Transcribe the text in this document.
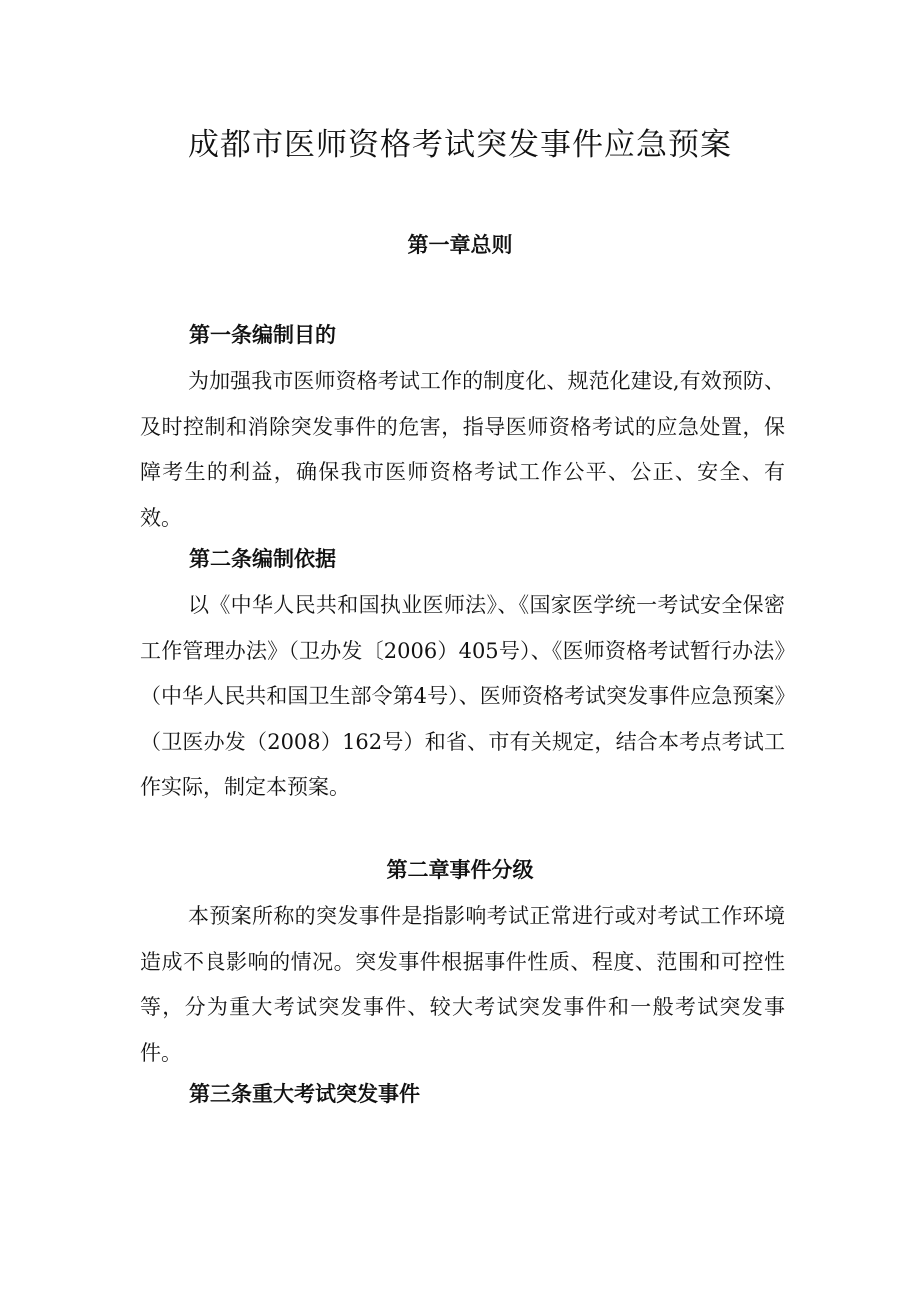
成都市医师资格考试突发事件应急预案
第一章总则
第一条编制目的

为加强我市医师资格考试工作的制度化、规范化建设,有效预防、及时控制和消除突发事件的危害，指导医师资格考试的应急处置，保障考生的利益，确保我市医师资格考试工作公平、公正、安全、有效。

第二条编制依据

以《中华人民共和国执业医师法》、《国家医学统一考试安全保密工作管理办法》（卫办发〔2006）405号）、《医师资格考试暂行办法》（中华人民共和国卫生部令第4号）、医师资格考试突发事件应急预案》（卫医办发（2008）162号）和省、市有关规定，结合本考点考试工作实际，制定本预案。

第二章事件分级

本预案所称的突发事件是指影响考试正常进行或对考试工作环境造成不良影响的情况。突发事件根据事件性质、程度、范围和可控性等，分为重大考试突发事件、较大考试突发事件和一般考试突发事件。

第三条重大考试突发事件
